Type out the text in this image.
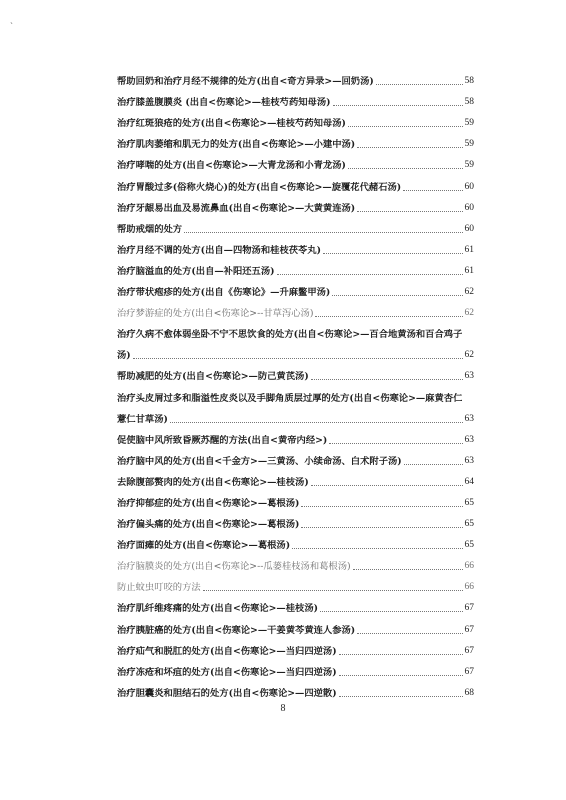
ˎ
帮助回奶和治疗月经不规律的处方(出自<奇方异录>—回奶汤)	58
治疗膝盖腹膜炎 (出自<伤寒论>—桂枝芍药知母汤)	58
治疗红斑狼疮的处方(出自<伤寒论>—桂枝芍药知母汤)	59
治疗肌肉萎缩和肌无力的处方(出自<伤寒论>—小建中汤)	59
治疗哮喘的处方(出自<伤寒论>—大青龙汤和小青龙汤)	59
治疗胃酸过多(俗称火烧心)的处方(出自<伤寒论>—旋覆花代赭石汤)	60
治疗牙龈易出血及易流鼻血(出自<伤寒论>—大黄黄连汤)	60
帮助戒烟的处方	60
治疗月经不调的处方(出自—四物汤和桂枝茯苓丸)	61
治疗脑溢血的处方(出自—补阳还五汤)	61
治疗带状疱疹的处方(出自《伤寒论》—升麻鳖甲汤)	62
治疗梦游症的处方(出自<伤寒论>--甘草泻心汤)	62
治疗久病不愈体弱坐卧不宁不思饮食的处方(出自<伤寒论>—百合地黄汤和百合鸡子
汤)	62
帮助减肥的处方(出自<伤寒论>—防己黄芪汤)	63
治疗头皮屑过多和脂溢性皮炎以及手脚角质层过厚的处方(出自<伤寒论>—麻黄杏仁
薏仁甘草汤)	63
促使脑中风所致昏厥苏醒的方法(出自<黄帝内经>)	63
治疗脑中风的处方(出自<千金方>—三黄汤、小续命汤、白术附子汤)	63
去除腹部赘肉的处方(出自<伤寒论>—桂枝汤)	64
治疗抑郁症的处方(出自<伤寒论>—葛根汤)	65
治疗偏头痛的处方(出自<伤寒论>—葛根汤)	65
治疗面瘫的处方(出自<伤寒论>—葛根汤)	65
治疗脑膜炎的处方(出自<伤寒论>--瓜蒌桂枝汤和葛根汤)	66
防止蚊虫叮咬的方法	66
治疗肌纤维疼痛的处方(出自<伤寒论>—桂枝汤)	67
治疗胰脏癌的处方(出自<伤寒论>—干姜黄芩黄连人参汤)	67
治疗疝气和脱肛的处方(出自<伤寒论>—当归四逆汤)	67
治疗冻疮和坏疽的处方(出自<伤寒论>—当归四逆汤)	67
治疗胆囊炎和胆结石的处方(出自<伤寒论>—四逆散)	68
8
